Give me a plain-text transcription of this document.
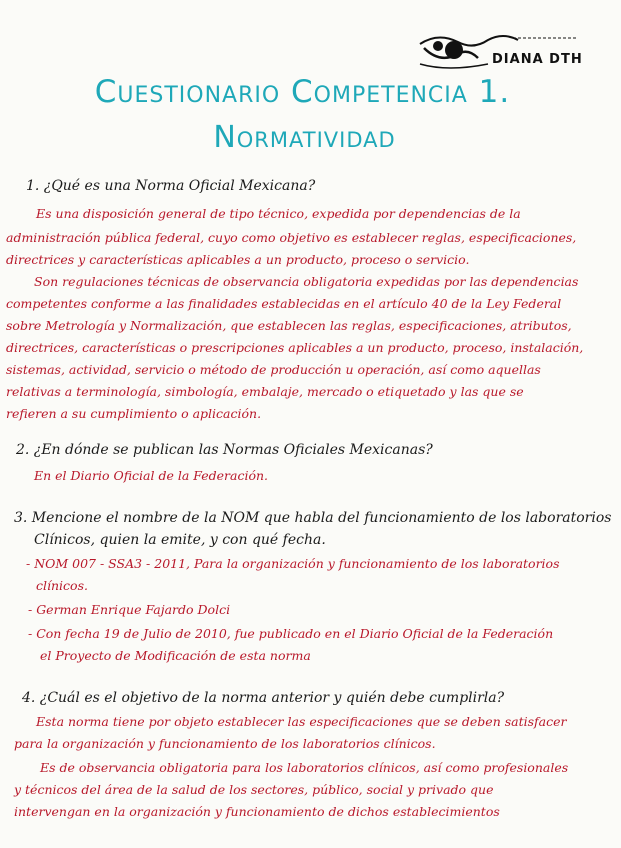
DIANA DTH
Cuestionario Competencia 1.
Normatividad
1. ¿Qué es una Norma Oficial Mexicana?
Es una disposición general de tipo técnico, expedida por dependencias de la
administración pública federal, cuyo como objetivo es establecer reglas, especificaciones,
directrices y características aplicables a un producto, proceso o servicio.
Son regulaciones técnicas de observancia obligatoria expedidas por las dependencias
competentes conforme a las finalidades establecidas en el artículo 40 de la Ley Federal
sobre Metrología y Normalización, que establecen las reglas, especificaciones, atributos,
directrices, características o prescripciones aplicables a un producto, proceso, instalación,
sistemas, actividad, servicio o método de producción u operación, así como aquellas
relativas a terminología, simbología, embalaje, mercado o etiquetado y las que se
refieren a su cumplimiento o aplicación.
2. ¿En dónde se publican las Normas Oficiales Mexicanas?
En el Diario Oficial de la Federación.
3. Mencione el nombre de la NOM que habla del funcionamiento de los laboratorios
Clínicos, quien la emite, y con qué fecha.
- NOM 007 - SSA3 - 2011, Para la organización y funcionamiento de los laboratorios
clínicos.
- German Enrique Fajardo Dolci
- Con fecha 19 de Julio de 2010, fue publicado en el Diario Oficial de la Federación
el Proyecto de Modificación de esta norma
4. ¿Cuál es el objetivo de la norma anterior y quién debe cumplirla?
Esta norma tiene por objeto establecer las especificaciones que se deben satisfacer
para la organización y funcionamiento de los laboratorios clínicos.
Es de observancia obligatoria para los laboratorios clínicos, así como profesionales
y técnicos del área de la salud de los sectores, público, social y privado que
intervengan en la organización y funcionamiento de dichos establecimientos
